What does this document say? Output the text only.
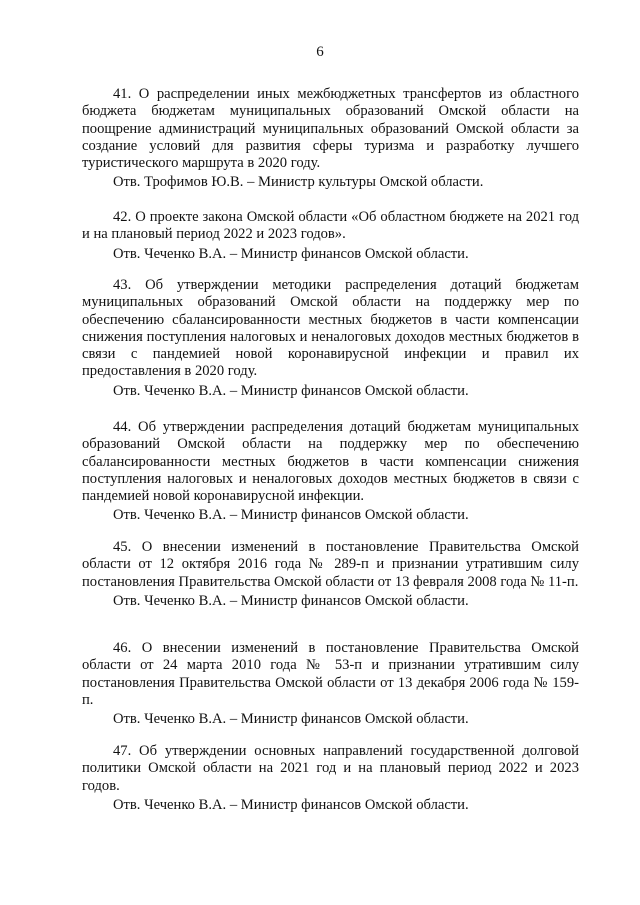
6

41. О распределении иных межбюджетных трансфертов из областного бюджета бюджетам муниципальных образований Омской области на поощрение администраций муниципальных образований Омской области за создание условий для развития сферы туризма и разработку лучшего туристического маршрута в 2020 году.

Отв. Трофимов Ю.В. – Министр культуры Омской области.

42. О проекте закона Омской области «Об областном бюджете на 2021 год и на плановый период 2022 и 2023 годов».

Отв. Чеченко В.А. – Министр финансов Омской области.

43. Об утверждении методики распределения дотаций бюджетам муниципальных образований Омской области на поддержку мер по обеспечению сбалансированности местных бюджетов в части компенсации снижения поступления налоговых и неналоговых доходов местных бюджетов в связи с пандемией новой коронавирусной инфекции и правил их предоставления в 2020 году.

Отв. Чеченко В.А. – Министр финансов Омской области.

44. Об утверждении распределения дотаций бюджетам муниципальных образований Омской области на поддержку мер по обеспечению сбалансированности местных бюджетов в части компенсации снижения поступления налоговых и неналоговых доходов местных бюджетов в связи с пандемией новой коронавирусной инфекции.

Отв. Чеченко В.А. – Министр финансов Омской области.

45. О внесении изменений в постановление Правительства Омской области от 12 октября 2016 года № 289-п и признании утратившим силу постановления Правительства Омской области от 13 февраля 2008 года № 11-п.

Отв. Чеченко В.А. – Министр финансов Омской области.

46. О внесении изменений в постановление Правительства Омской области от 24 марта 2010 года № 53-п и признании утратившим силу постановления Правительства Омской области от 13 декабря 2006 года № 159-п.

Отв. Чеченко В.А. – Министр финансов Омской области.

47. Об утверждении основных направлений государственной долговой политики Омской области на 2021 год и на плановый период 2022 и 2023 годов.

Отв. Чеченко В.А. – Министр финансов Омской области.
